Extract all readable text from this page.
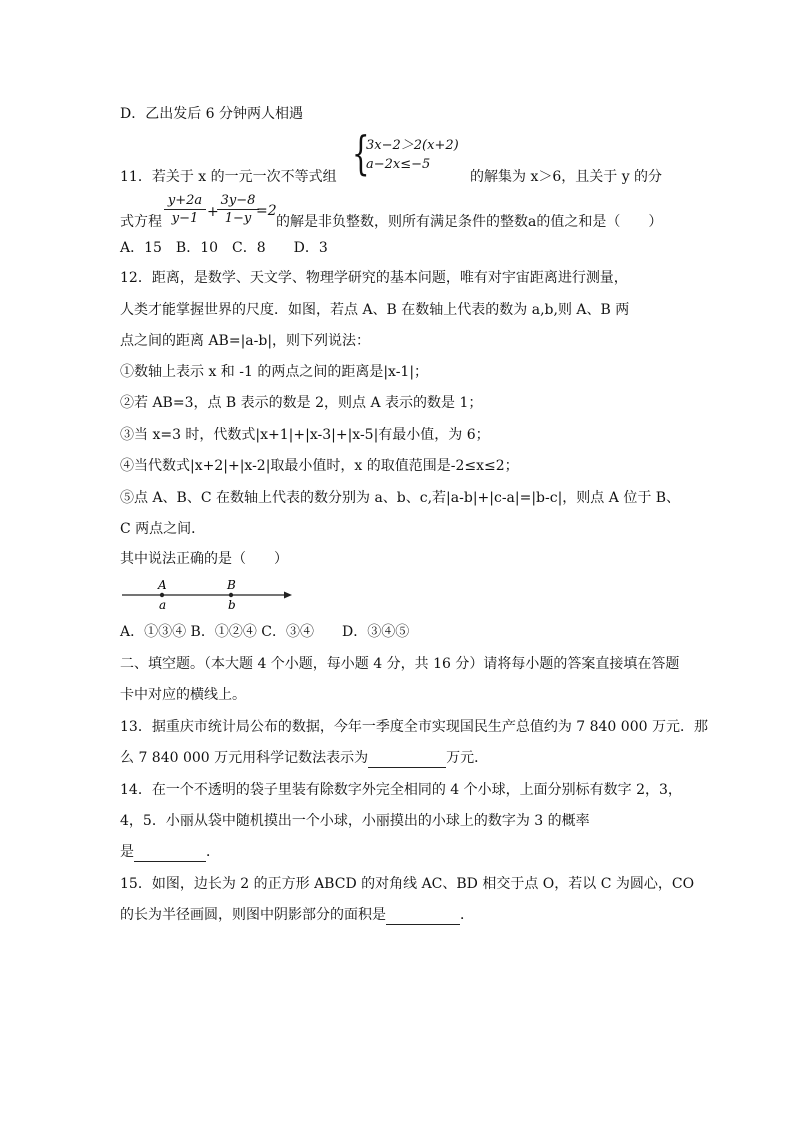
D．乙出发后 6 分钟两人相遇
11．若关于 x 的一元一次不等式组 {
3x−2＞2(x+2)
a−2x≤−5
的解集为 x＞6，且关于 y 的分
式方程 $\frac{y+2a}{y-1}$ +
$\frac{3y-8}{1-y}$
=2
的解是非负整数，则所有满足条件的整数a的值之和是（　　）
A．15　B．10　C．8　　D．3
12．距离，是数学、天文学、物理学研究的基本问题，唯有对宇宙距离进行测量，
人类才能掌握世界的尺度．如图，若点 A、B 在数轴上代表的数为 a,b,则 A、B 两
点之间的距离 AB=|a-b|，则下列说法：
①数轴上表示 x 和 -1 的两点之间的距离是|x-1|；
②若 AB=3，点 B 表示的数是 2，则点 A 表示的数是 1；
③当 x=3 时，代数式|x+1|+|x-3|+|x-5|有最小值，为 6；
④当代数式|x+2|+|x-2|取最小值时，x 的取值范围是-2≤x≤2；
⑤点 A、B、C 在数轴上代表的数分别为 a、b、c,若|a-b|+|c-a|=|b-c|，则点 A 位于 B、
C 两点之间．
其中说法正确的是（　　）
A	B
a	b
A．①③④ B．①②④ C．③④　　D．③④⑤
二、填空题。（本大题 4 个小题，每小题 4 分，共 16 分）请将每小题的答案直接填在答题
卡中对应的横线上。
13．据重庆市统计局公布的数据，今年一季度全市实现国民生产总值约为 7 840 000 万元．那
么 7 840 000 万元用科学记数法表示为	万元．
14．在一个不透明的袋子里装有除数字外完全相同的 4 个小球，上面分别标有数字 2，3，
4，5．小丽从袋中随机摸出一个小球，小丽摸出的小球上的数字为 3 的概率
是	．
15．如图，边长为 2 的正方形 ABCD 的对角线 AC、BD 相交于点 O，若以 C 为圆心，CO
的长为半径画圆，则图中阴影部分的面积是	．
